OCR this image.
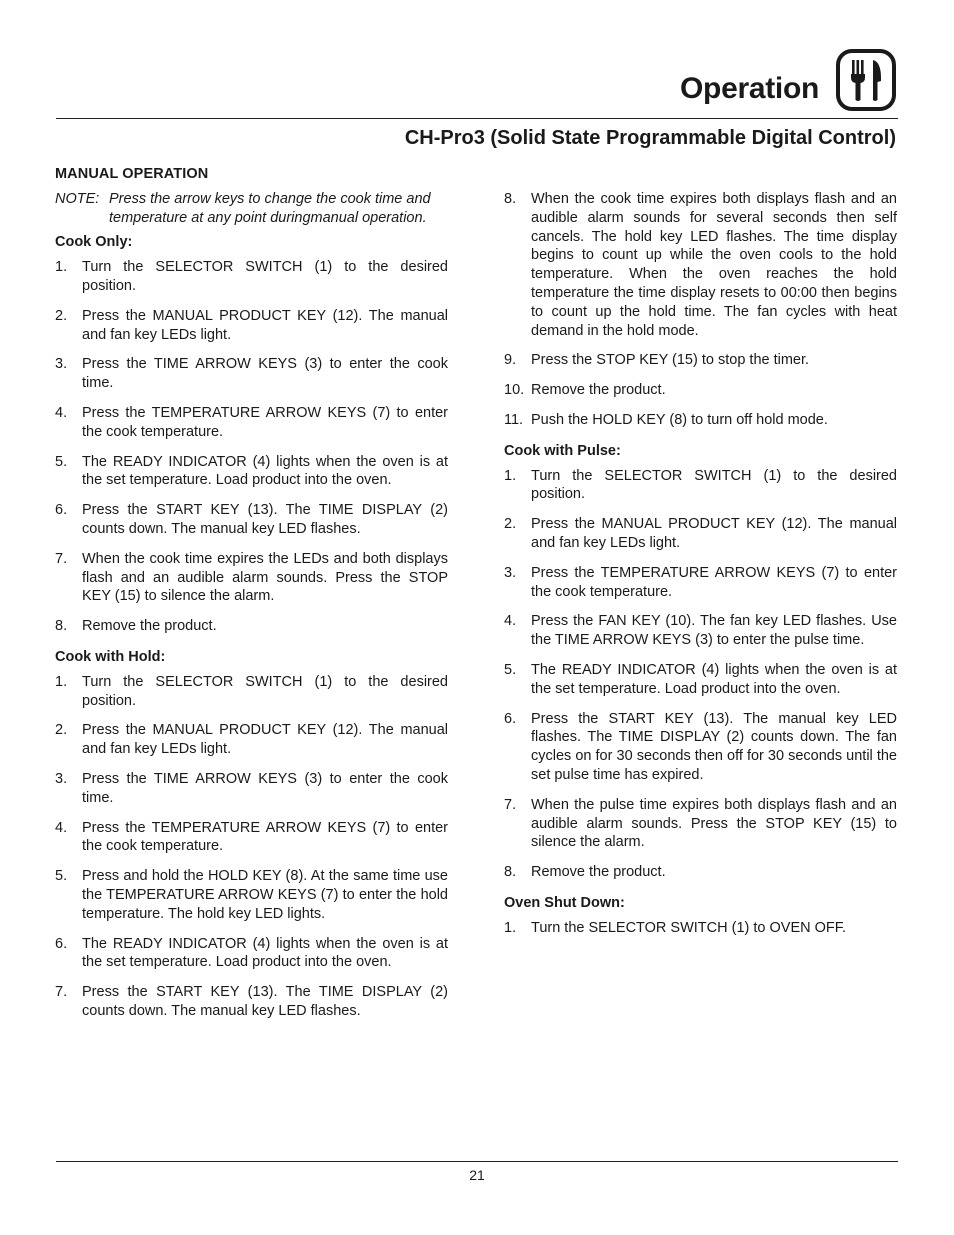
Operation
CH-Pro3 (Solid State Programmable Digital Control)
MANUAL OPERATION
NOTE: Press the arrow keys to change the cook time and temperature at any point duringmanual operation.
Cook Only:
1. Turn the SELECTOR SWITCH (1) to the desired position.
2. Press the MANUAL PRODUCT KEY (12). The manual and fan key LEDs light.
3. Press the TIME ARROW KEYS (3) to enter the cook time.
4. Press the TEMPERATURE ARROW KEYS (7) to enter the cook temperature.
5. The READY INDICATOR (4) lights when the oven is at the set temperature. Load product into the oven.
6. Press the START KEY (13). The TIME DISPLAY (2) counts down. The manual key LED flashes.
7. When the cook time expires the LEDs and both displays flash and an audible alarm sounds. Press the STOP KEY (15) to silence the alarm.
8. Remove the product.
Cook with Hold:
1. Turn the SELECTOR SWITCH (1) to the desired position.
2. Press the MANUAL PRODUCT KEY (12). The manual and fan key LEDs light.
3. Press the TIME ARROW KEYS (3) to enter the cook time.
4. Press the TEMPERATURE ARROW KEYS (7) to enter the cook temperature.
5. Press and hold the HOLD KEY (8). At the same time use the TEMPERATURE ARROW KEYS (7) to enter the hold temperature. The hold key LED lights.
6. The READY INDICATOR (4) lights when the oven is at the set temperature. Load product into the oven.
7. Press the START KEY (13). The TIME DISPLAY (2) counts down. The manual key LED flashes.
8. When the cook time expires both displays flash and an audible alarm sounds for several seconds then self cancels. The hold key LED flashes. The time display begins to count up while the oven cools to the hold temperature. When the oven reaches the hold temperature the time display resets to 00:00 then begins to count up the hold time. The fan cycles with heat demand in the hold mode.
9. Press the STOP KEY (15) to stop the timer.
10. Remove the product.
11. Push the HOLD KEY (8) to turn off hold mode.
Cook with Pulse:
1. Turn the SELECTOR SWITCH (1) to the desired position.
2. Press the MANUAL PRODUCT KEY (12). The manual and fan key LEDs light.
3. Press the TEMPERATURE ARROW KEYS (7) to enter the cook temperature.
4. Press the FAN KEY (10). The fan key LED flashes. Use the TIME ARROW KEYS (3) to enter the pulse time.
5. The READY INDICATOR (4) lights when the oven is at the set temperature. Load product into the oven.
6. Press the START KEY (13). The manual key LED flashes. The TIME DISPLAY (2) counts down. The fan cycles on for 30 seconds then off for 30 seconds until the set pulse time has expired.
7. When the pulse time expires both displays flash and an audible alarm sounds. Press the STOP KEY (15) to silence the alarm.
8. Remove the product.
Oven Shut Down:
1. Turn the SELECTOR SWITCH (1) to OVEN OFF.
21
